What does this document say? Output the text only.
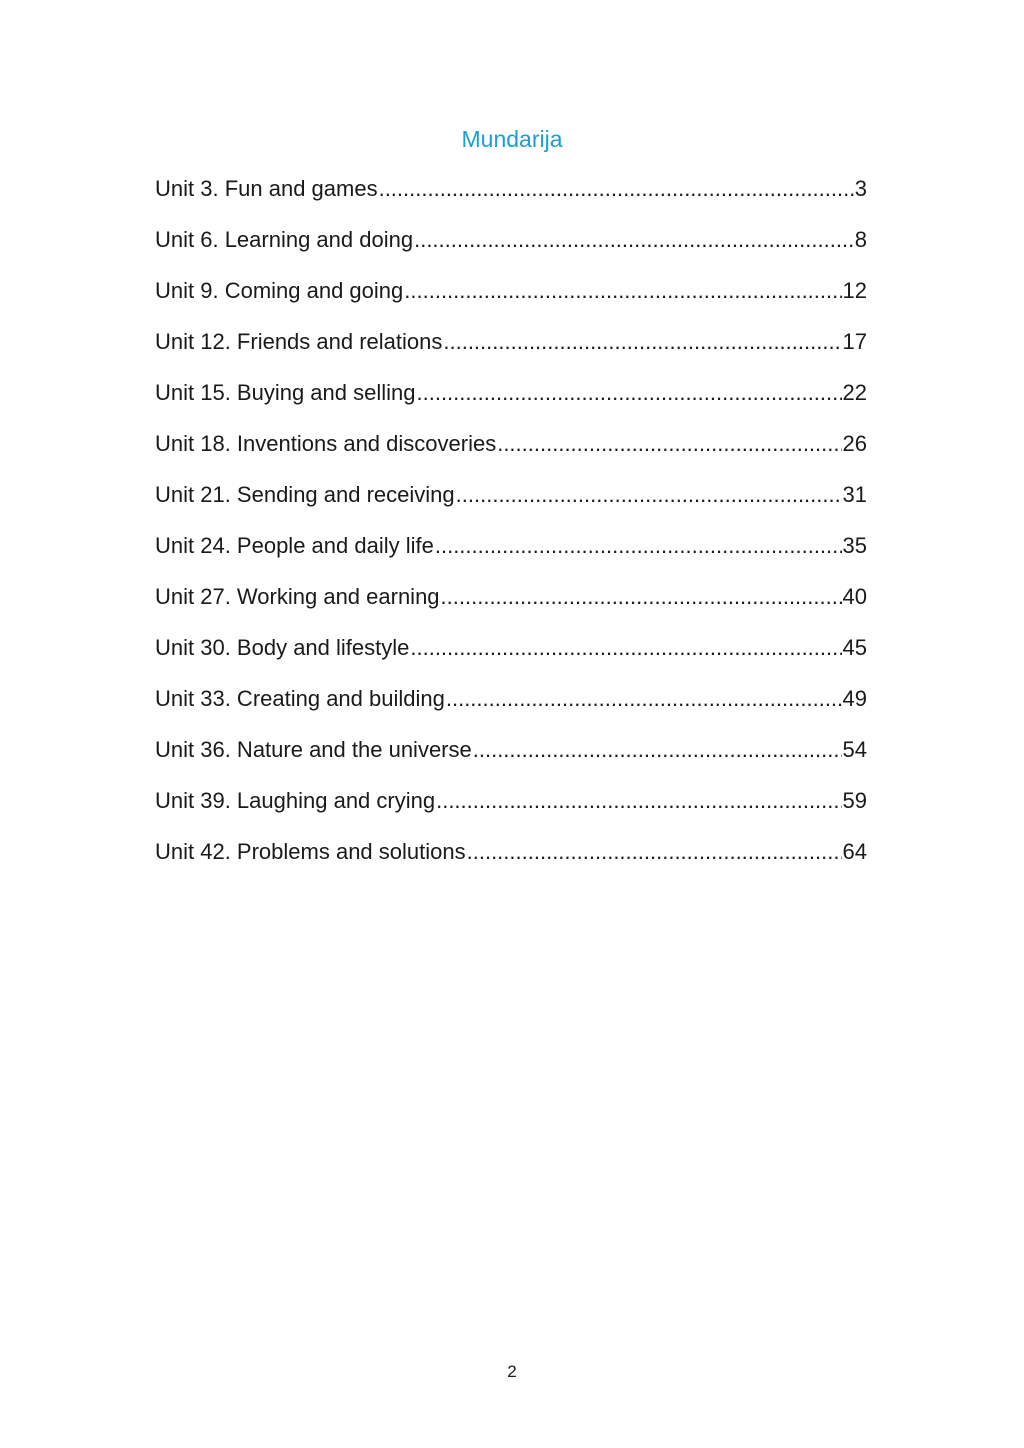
Mundarija
Unit 3. Fun and games .....	3
Unit 6. Learning and doing .....	8
Unit 9. Coming and going .....	12
Unit 12. Friends and relations .....	17
Unit 15. Buying and selling .....	22
Unit 18. Inventions and discoveries .....	26
Unit 21. Sending and receiving .....	31
Unit 24. People and daily life .....	35
Unit 27. Working and earning .....	40
Unit 30. Body and lifestyle .....	45
Unit 33. Creating and building .....	49
Unit 36. Nature and the universe .....	54
Unit 39. Laughing and crying .....	59
Unit 42. Problems and solutions .....	64
2
